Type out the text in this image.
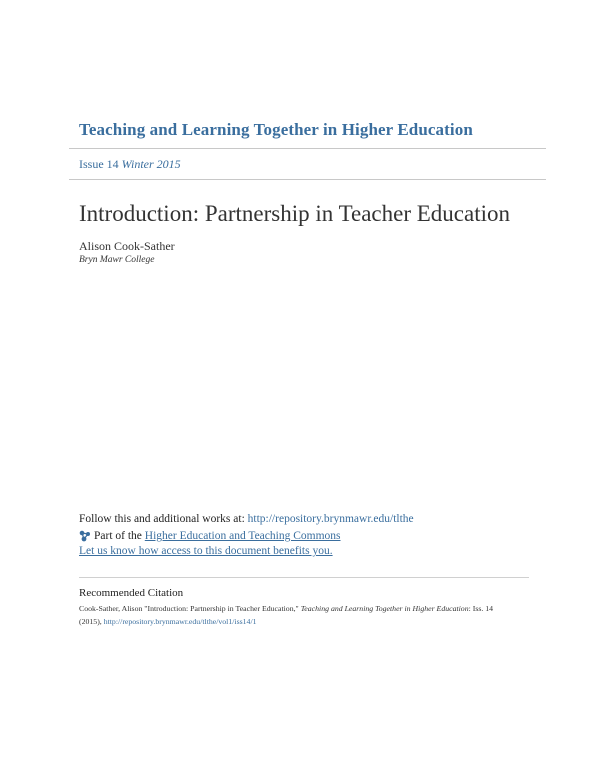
Teaching and Learning Together in Higher Education
Issue 14 Winter 2015
Introduction: Partnership in Teacher Education
Alison Cook-Sather
Bryn Mawr College
Follow this and additional works at: http://repository.brynmawr.edu/tlthe
Part of the
Higher Education and Teaching Commons
Let us know how access to this document benefits you.
Recommended Citation
Cook-Sather, Alison "Introduction: Partnership in Teacher Education," Teaching and Learning Together in Higher Education: Iss. 14
(2015), http://repository.brynmawr.edu/tlthe/vol1/iss14/1
